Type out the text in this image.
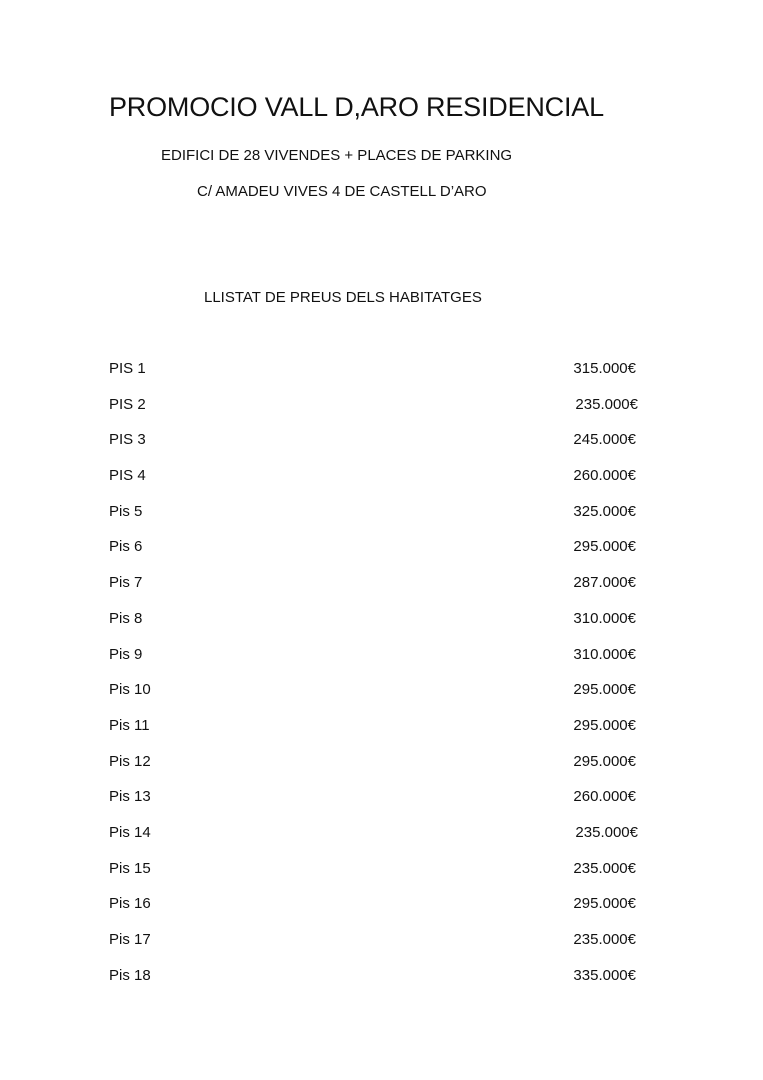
PROMOCIO VALL D,ARO RESIDENCIAL

EDIFICI DE 28 VIVENDES + PLACES DE PARKING

C/ AMADEU VIVES 4 DE CASTELL D’ARO

LLISTAT DE PREUS DELS HABITATGES
PIS 1	315.000€
PIS 2	235.000€
PIS 3	245.000€
PIS 4	260.000€
Pis 5	325.000€
Pis 6	295.000€
Pis 7	287.000€
Pis 8	310.000€
Pis 9	310.000€
Pis 10	295.000€
Pis 11	295.000€
Pis 12	295.000€
Pis 13	260.000€
Pis 14	235.000€
Pis 15	235.000€
Pis 16	295.000€
Pis 17	235.000€
Pis 18	335.000€
